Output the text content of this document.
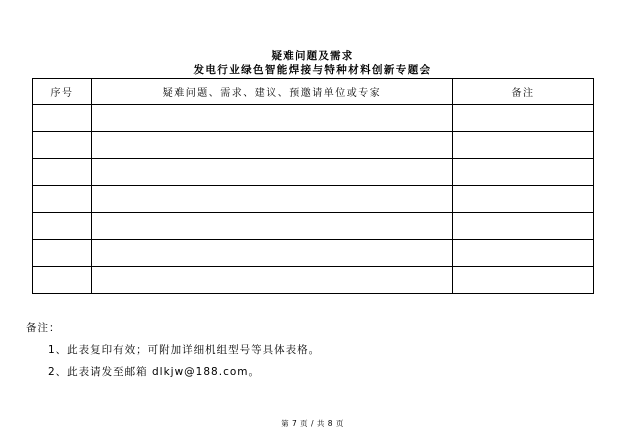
疑难问题及需求
发电行业绿色智能焊接与特种材料创新专题会
序号	疑难问题、需求、建议、预邀请单位或专家	备注

备注：
1、此表复印有效；可附加详细机组型号等具体表格。
2、此表请发至邮箱 dlkjw@188.com。
第 7 页 / 共 8 页
